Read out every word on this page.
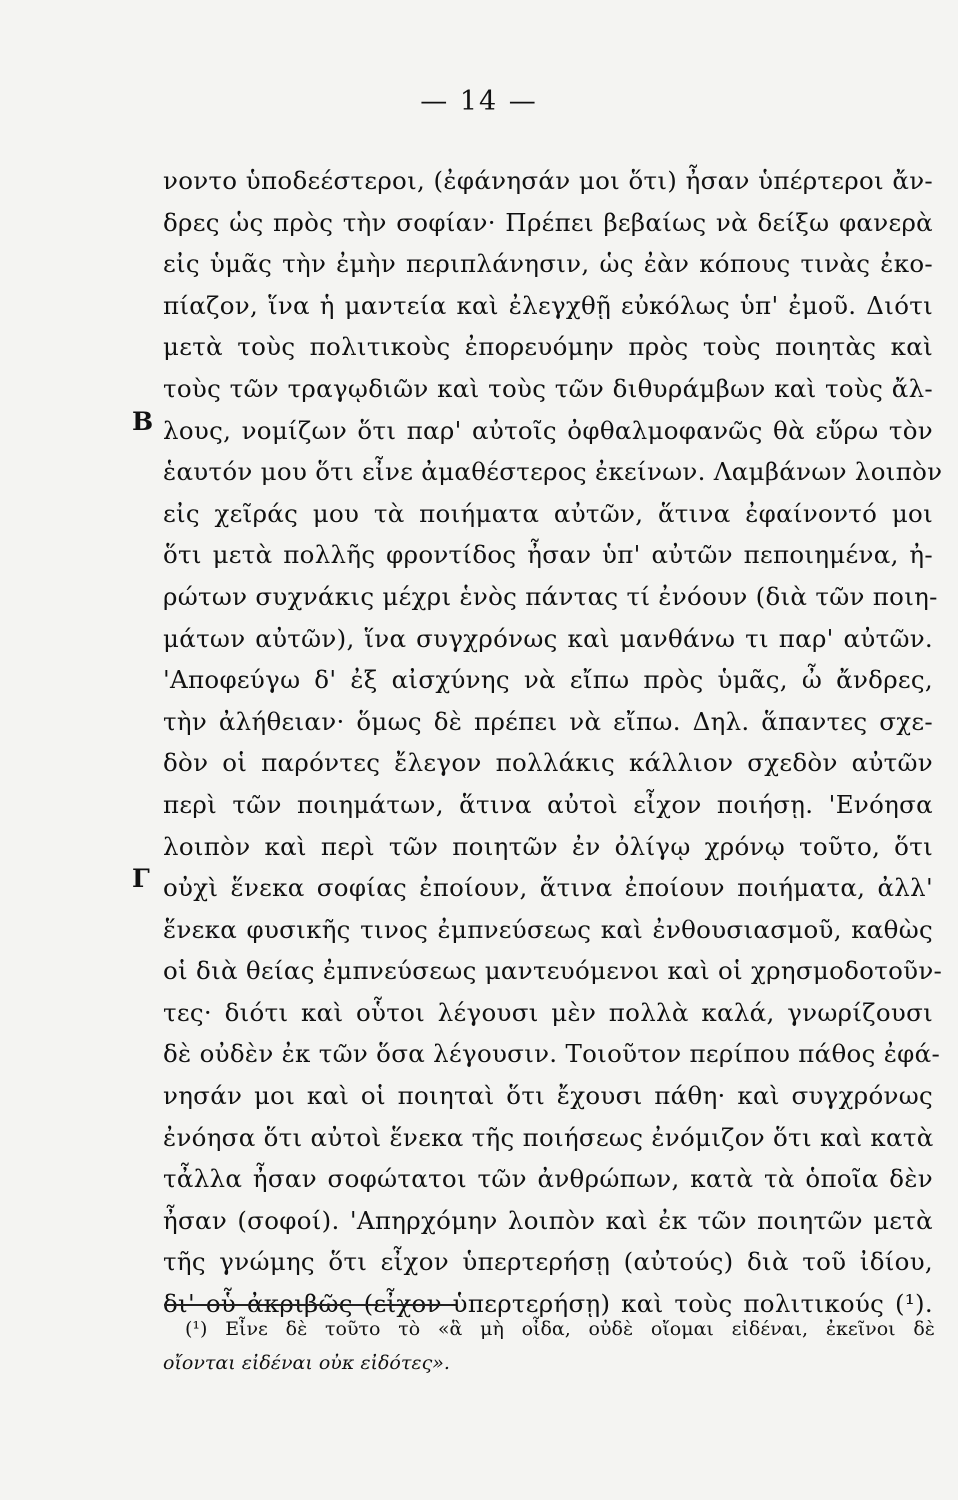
— 14 —
B
Γ
νοντο ὑποδεέστεροι, (ἐφάνησάν μοι ὅτι) ἦσαν ὑπέρτεροι ἄν-
δρες ὡς πρὸς τὴν σοφίαν· Πρέπει βεβαίως νὰ δείξω φανερὰ
εἰς ὑμᾶς τὴν ἐμὴν περιπλάνησιν, ὡς ἐὰν κόπους τινὰς ἐκο-
πίαζον, ἵνα ἡ μαντεία καὶ ἐλεγχθῇ εὐκόλως ὑπ' ἐμοῦ. Διότι
μετὰ τοὺς πολιτικοὺς ἐπορευόμην πρὸς τοὺς ποιητὰς καὶ
τοὺς τῶν τραγῳδιῶν καὶ τοὺς τῶν διθυράμβων καὶ τοὺς ἄλ-
λους, νομίζων ὅτι παρ' αὐτοῖς ὀφθαλμοφανῶς θὰ εὕρω τὸν
ἑαυτόν μου ὅτι εἶνε ἀμαθέστερος ἐκείνων. Λαμβάνων λοιπὸν
εἰς χεῖράς μου τὰ ποιήματα αὐτῶν, ἅτινα ἐφαίνοντό μοι
ὅτι μετὰ πολλῆς φροντίδος ἦσαν ὑπ' αὐτῶν πεποιημένα, ἠ-
ρώτων συχνάκις μέχρι ἑνὸς πάντας τί ἐνόουν (διὰ τῶν ποιη-
μάτων αὐτῶν), ἵνα συγχρόνως καὶ μανθάνω τι παρ' αὐτῶν.
'Αποφεύγω δ' ἐξ αἰσχύνης νὰ εἴπω πρὸς ὑμᾶς, ὦ ἄνδρες,
τὴν ἀλήθειαν· ὅμως δὲ πρέπει νὰ εἴπω. Δηλ. ἅπαντες σχε-
δὸν οἱ παρόντες ἔλεγον πολλάκις κάλλιον σχεδὸν αὐτῶν
περὶ τῶν ποιημάτων, ἅτινα αὐτοὶ εἶχον ποιήσῃ. 'Ενόησα
λοιπὸν καὶ περὶ τῶν ποιητῶν ἐν ὀλίγῳ χρόνῳ τοῦτο, ὅτι
οὐχὶ ἕνεκα σοφίας ἐποίουν, ἅτινα ἐποίουν ποιήματα, ἀλλ'
ἕνεκα φυσικῆς τινος ἐμπνεύσεως καὶ ἐνθουσιασμοῦ, καθὼς
οἱ διὰ θείας ἐμπνεύσεως μαντευόμενοι καὶ οἱ χρησμοδοτοῦν-
τες· διότι καὶ οὗτοι λέγουσι μὲν πολλὰ καλά, γνωρίζουσι
δὲ οὐδὲν ἐκ τῶν ὅσα λέγουσιν. Τοιοῦτον περίπου πάθος ἐφά-
νησάν μοι καὶ οἱ ποιηταὶ ὅτι ἔχουσι πάθη· καὶ συγχρόνως
ἐνόησα ὅτι αὐτοὶ ἕνεκα τῆς ποιήσεως ἐνόμιζον ὅτι καὶ κατὰ
τἆλλα ἦσαν σοφώτατοι τῶν ἀνθρώπων, κατὰ τὰ ὁποῖα δὲν
ἦσαν (σοφοί). 'Απηρχόμην λοιπὸν καὶ ἐκ τῶν ποιητῶν μετὰ
τῆς γνώμης ὅτι εἶχον ὑπερτερήσῃ (αὐτούς) διὰ τοῦ ἰδίου,
δι' οὗ ἀκριβῶς (εἶχον ὑπερτερήσῃ) καὶ τοὺς πολιτικούς (¹).
(¹) Εἶνε δὲ τοῦτο τὸ «ἃ μὴ οἶδα, οὐδὲ οἴομαι εἰδέναι, ἐκεῖνοι δὲ
οἴονται εἰδέναι οὐκ εἰδότες».
